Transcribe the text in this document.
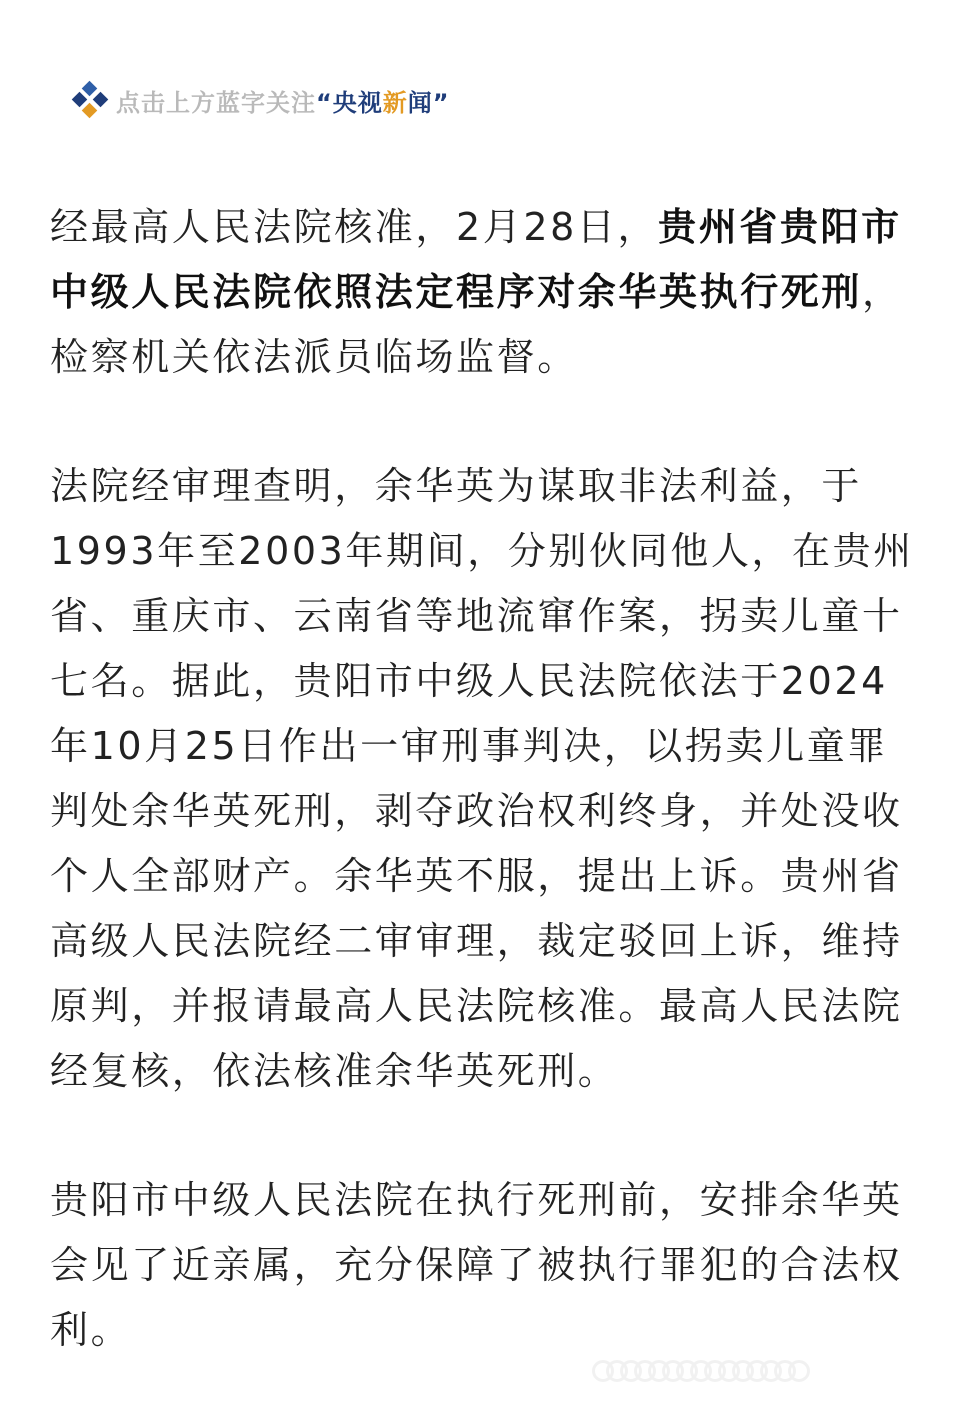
点击上方蓝字关注“央视新闻”

经最高人民法院核准，2月28日，贵州省贵阳市中级人民法院依照法定程序对余华英执行死刑，检察机关依法派员临场监督。

法院经审理查明，余华英为谋取非法利益，于1993年至2003年期间，分别伙同他人，在贵州省、重庆市、云南省等地流窜作案，拐卖儿童十七名。据此，贵阳市中级人民法院依法于2024年10月25日作出一审刑事判决，以拐卖儿童罪判处余华英死刑，剥夺政治权利终身，并处没收个人全部财产。余华英不服，提出上诉。贵州省高级人民法院经二审审理，裁定驳回上诉，维持原判，并报请最高人民法院核准。最高人民法院经复核，依法核准余华英死刑。

贵阳市中级人民法院在执行死刑前，安排余华英会见了近亲属，充分保障了被执行罪犯的合法权利。
